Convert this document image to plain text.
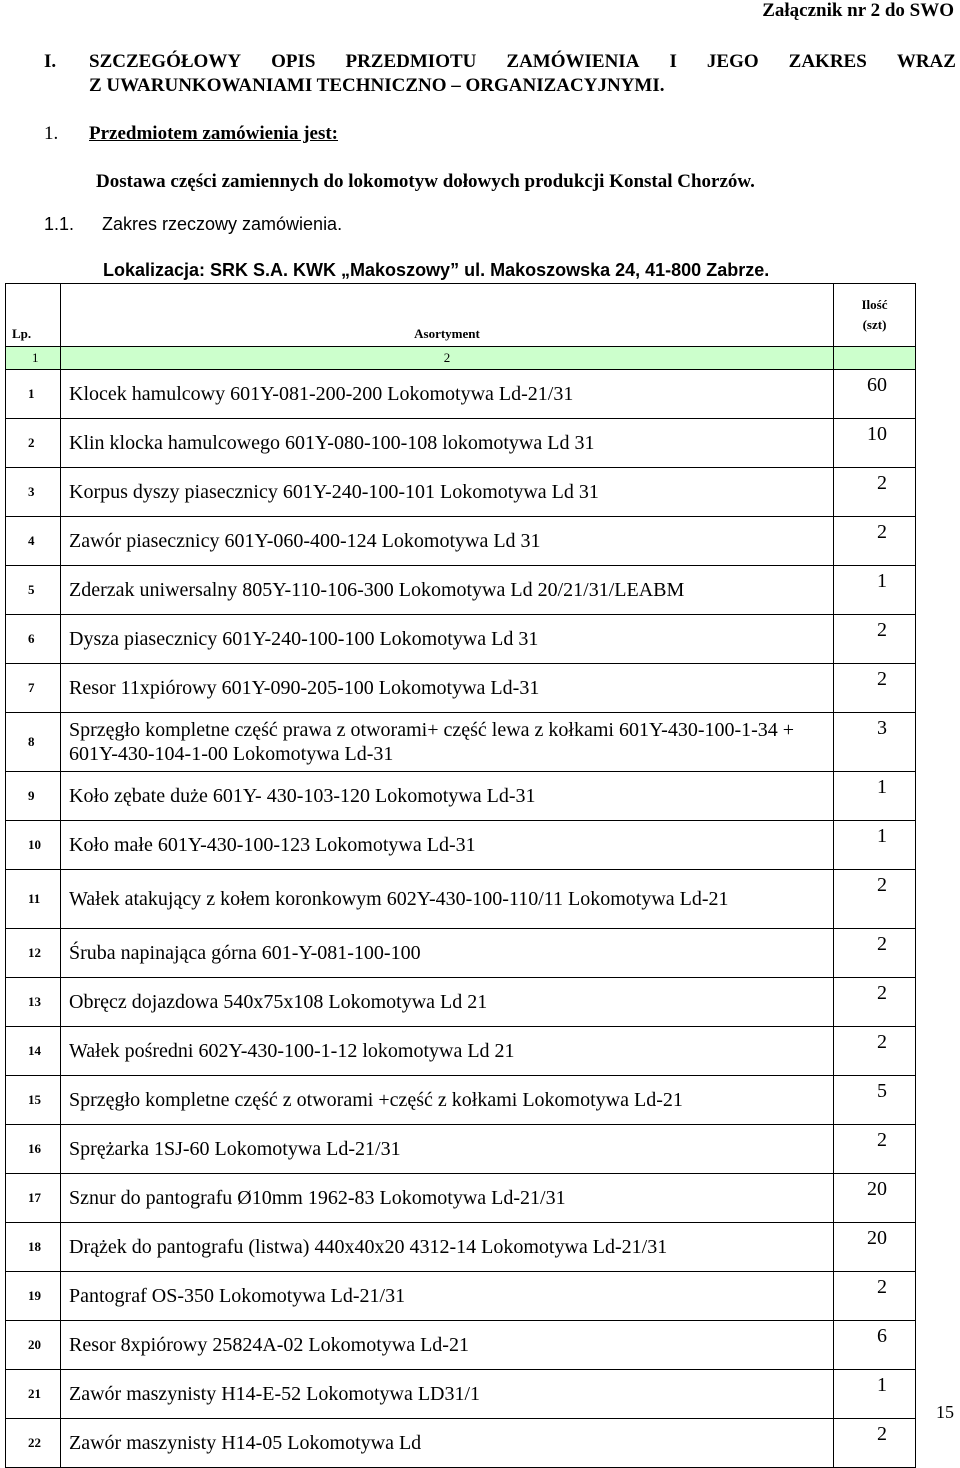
Załącznik nr 2 do SWO
I. SZCZEGÓŁOWY OPIS PRZEDMIOTU ZAMÓWIENIA I JEGO ZAKRES WRAZ
Z UWARUNKOWANIAMI TECHNICZNO – ORGANIZACYJNYMI.
1. Przedmiotem zamówienia jest:
Dostawa części zamiennych do lokomotyw dołowych produkcji Konstal Chorzów.
1.1. Zakres rzeczowy zamówienia.
Lokalizacja: SRK S.A. KWK „Makoszowy” ul. Makoszowska 24, 41-800 Zabrze.
Lp.	Asortyment	Ilość
(szt)
1	2	
1	Klocek hamulcowy 601Y-081-200-200 Lokomotywa Ld-21/31	60
2	Klin klocka hamulcowego 601Y-080-100-108 lokomotywa Ld 31	10
3	Korpus dyszy piasecznicy 601Y-240-100-101 Lokomotywa Ld 31	2
4	Zawór piasecznicy 601Y-060-400-124 Lokomotywa Ld 31	2
5	Zderzak uniwersalny 805Y-110-106-300 Lokomotywa Ld 20/21/31/LEABM	1
6	Dysza piasecznicy 601Y-240-100-100 Lokomotywa Ld 31	2
7	Resor 11xpiórowy 601Y-090-205-100 Lokomotywa Ld-31	2
8	Sprzęgło kompletne część prawa z otworami+ część lewa z kołkami 601Y-430-100-1-34 + 601Y-430-104-1-00 Lokomotywa Ld-31	3
9	Koło zębate duże 601Y- 430-103-120 Lokomotywa Ld-31	1
10	Koło małe 601Y-430-100-123 Lokomotywa Ld-31	1
11	Wałek atakujący z kołem koronkowym 602Y-430-100-110/11 Lokomotywa Ld-21	2
12	Śruba napinająca górna 601-Y-081-100-100	2
13	Obręcz dojazdowa 540x75x108 Lokomotywa Ld 21	2
14	Wałek pośredni 602Y-430-100-1-12 lokomotywa Ld 21	2
15	Sprzęgło kompletne część z otworami +część z kołkami Lokomotywa Ld-21	5
16	Sprężarka 1SJ-60 Lokomotywa Ld-21/31	2
17	Sznur do pantografu Ø10mm 1962-83 Lokomotywa Ld-21/31	20
18	Drążek do pantografu (listwa) 440x40x20 4312-14 Lokomotywa Ld-21/31	20
19	Pantograf OS-350 Lokomotywa Ld-21/31	2
20	Resor 8xpiórowy 25824A-02 Lokomotywa Ld-21	6
21	Zawór maszynisty H14-E-52 Lokomotywa LD31/1	1
22	Zawór maszynisty H14-05 Lokomotywa Ld	2
15
